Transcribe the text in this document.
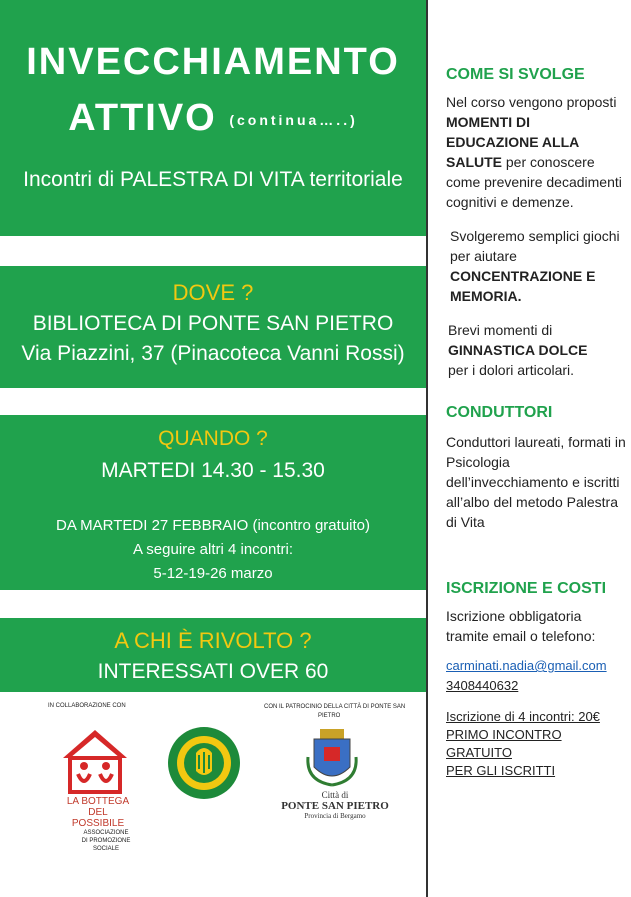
INVECCHIAMENTO
ATTIVO (continua…..)
Incontri di PALESTRA DI VITA territoriale
DOVE ?
BIBLIOTECA DI PONTE SAN PIETRO
Via Piazzini, 37 (Pinacoteca Vanni Rossi)
QUANDO ?
MARTEDI 14.30 - 15.30
DA MARTEDI 27 FEBBRAIO (incontro gratuito)
A seguire altri 4 incontri:
5-12-19-26 marzo
A CHI È RIVOLTO ?
INTERESSATI OVER 60
IN COLLABORAZIONE CON
LA BOTTEGA
DEL
POSSIBILE
ASSOCIAZIONE
DI PROMOZIONE
SOCIALE
CON IL PATROCINIO DELLA CITTÀ DI PONTE SAN
PIETRO
Città di
PONTE SAN PIETRO
Provincia di Bergamo
COME SI SVOLGE
Nel corso vengono proposti MOMENTI DI EDUCAZIONE ALLA SALUTE per conoscere come prevenire decadimenti cognitivi e demenze.
Svolgeremo semplici giochi per aiutare CONCENTRAZIONE E MEMORIA.
Brevi momenti di
GINNASTICA DOLCE
per i dolori articolari.
CONDUTTORI
Conduttori laureati, formati in Psicologia dell’invecchiamento e iscritti all’albo del metodo Palestra di Vita
ISCRIZIONE E COSTI
Iscrizione obbligatoria tramite email o telefono:
carminati.nadia@gmail.com
3408440632
Iscrizione di 4 incontri: 20€
PRIMO INCONTRO GRATUITO
PER GLI ISCRITTI
